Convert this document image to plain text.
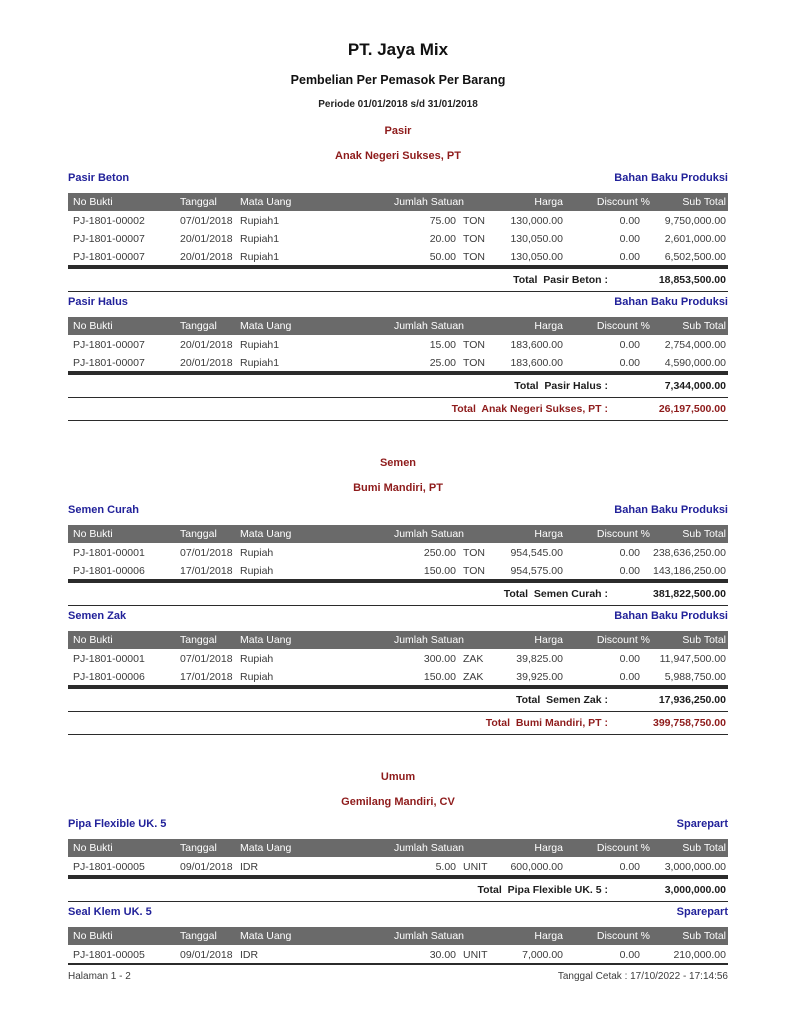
PT. Jaya Mix
Pembelian Per Pemasok Per Barang
Periode 01/01/2018 s/d 31/01/2018
Pasir
Anak Negeri Sukses, PT
Pasir Beton	Bahan Baku Produksi
No Bukti	Tanggal	Mata Uang	Jumlah Satuan	Harga	Discount %	Sub Total
PJ-1801-00002	07/01/2018 Rupiah1	75.00 TON	130,000.00	0.00	9,750,000.00
PJ-1801-00007	20/01/2018 Rupiah1	20.00 TON	130,050.00	0.00	2,601,000.00
PJ-1801-00007	20/01/2018 Rupiah1	50.00 TON	130,050.00	0.00	6,502,500.00
Total  Pasir Beton :	18,853,500.00
Pasir Halus	Bahan Baku Produksi
No Bukti	Tanggal	Mata Uang	Jumlah Satuan	Harga	Discount %	Sub Total
PJ-1801-00007	20/01/2018 Rupiah1	15.00 TON	183,600.00	0.00	2,754,000.00
PJ-1801-00007	20/01/2018 Rupiah1	25.00 TON	183,600.00	0.00	4,590,000.00
Total  Pasir Halus :	7,344,000.00
Total  Anak Negeri Sukses, PT :	26,197,500.00
Semen
Bumi Mandiri, PT
Semen Curah	Bahan Baku Produksi
No Bukti	Tanggal	Mata Uang	Jumlah Satuan	Harga	Discount %	Sub Total
PJ-1801-00001	07/01/2018 Rupiah	250.00 TON	954,545.00	0.00	238,636,250.00
PJ-1801-00006	17/01/2018 Rupiah	150.00 TON	954,575.00	0.00	143,186,250.00
Total  Semen Curah :	381,822,500.00
Semen Zak	Bahan Baku Produksi
No Bukti	Tanggal	Mata Uang	Jumlah Satuan	Harga	Discount %	Sub Total
PJ-1801-00001	07/01/2018 Rupiah	300.00 ZAK	39,825.00	0.00	11,947,500.00
PJ-1801-00006	17/01/2018 Rupiah	150.00 ZAK	39,925.00	0.00	5,988,750.00
Total  Semen Zak :	17,936,250.00
Total  Bumi Mandiri, PT :	399,758,750.00
Umum
Gemilang Mandiri, CV
Pipa Flexible UK. 5	Sparepart
No Bukti	Tanggal	Mata Uang	Jumlah Satuan	Harga	Discount %	Sub Total
PJ-1801-00005	09/01/2018 IDR	5.00 UNIT	600,000.00	0.00	3,000,000.00
Total  Pipa Flexible UK. 5 :	3,000,000.00
Seal Klem UK. 5	Sparepart
No Bukti	Tanggal	Mata Uang	Jumlah Satuan	Harga	Discount %	Sub Total
PJ-1801-00005	09/01/2018 IDR	30.00 UNIT	7,000.00	0.00	210,000.00
Halaman 1 - 2	Tanggal Cetak : 17/10/2022 - 17:14:56
